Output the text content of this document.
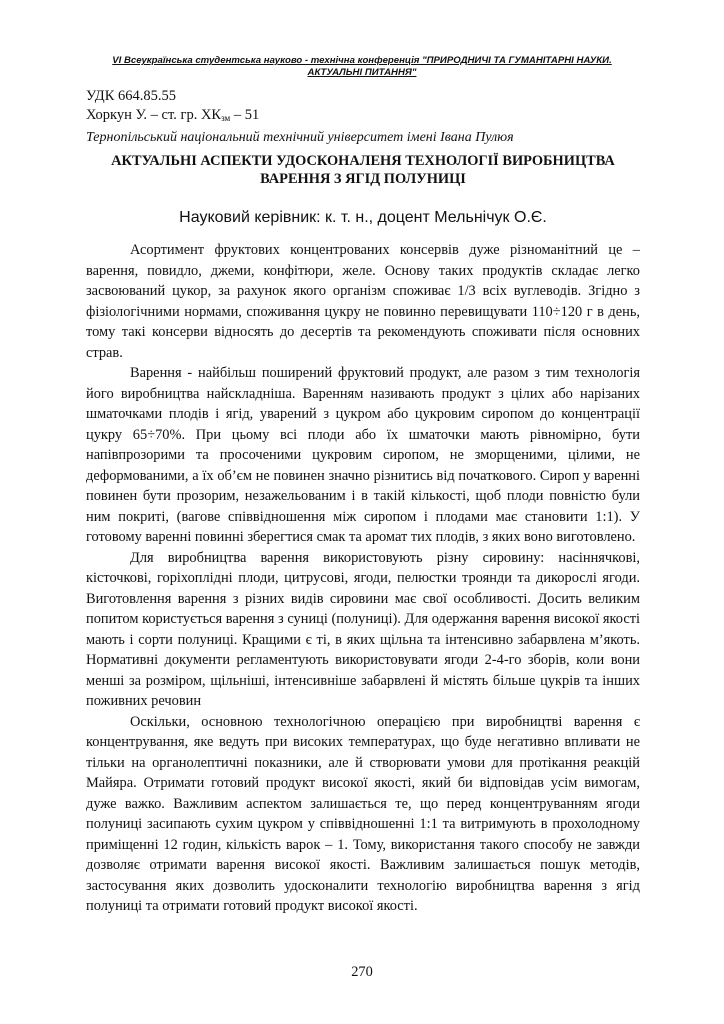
VI Всеукраїнська студентська науково - технічна конференція "ПРИРОДНИЧІ ТА ГУМАНІТАРНІ НАУКИ.
АКТУАЛЬНІ ПИТАННЯ"
УДК 664.85.55
Хоркун У. – ст. гр. $ХК_{зм} - 51$
Тернопільський національний технічний університет імені Івана Пулюя
АКТУАЛЬНІ АСПЕКТИ УДОСКОНАЛЕНЯ ТЕХНОЛОГІЇ ВИРОБНИЦТВА
ВАРЕННЯ З ЯГІД ПОЛУНИЦІ
Науковий керівник: к. т. н., доцент Мельнічук О.Є.

Асортимент фруктових концентрованих консервів дуже різноманітний це – варення, повидло, джеми, конфітюри, желе. Основу таких продуктів складає легко засвоюваний цукор, за рахунок якого організм споживає 1/3 всіх вуглеводів. Згідно з фізіологічними нормами, споживання цукру не повинно перевищувати 110÷120 г в день, тому такі консерви відносять до десертів та рекомендують споживати після основних страв.

Варення - найбільш поширений фруктовий продукт, але разом з тим технологія його виробництва найскладніша. Варенням називають продукт з цілих або нарізаних шматочками плодів і ягід, уварений з цукром або цукровим сиропом до концентрації цукру 65÷70%. При цьому всі плоди або їх шматочки мають рівномірно, бути напівпрозорими та просоченими цукровим сиропом, не зморщеними, цілими, не деформованими, а їх об’єм не повинен значно різнитись від початкового. Сироп у варенні повинен бути прозорим, незажельованим і в такій кількості, щоб плоди повністю були ним покриті, (вагове співвідношення між сиропом і плодами має становити 1:1). У готовому варенні повинні зберегтися смак та аромат тих плодів, з яких воно виготовлено.

Для виробництва варення використовують різну сировину: насіннячкові, кісточкові, горіхоплідні плоди, цитрусові, ягоди, пелюстки троянди та дикорослі ягоди. Виготовлення варення з різних видів сировини має свої особливості. Досить великим попитом користується варення з суниці (полуниці). Для одержання варення високої якості мають і сорти полуниці. Кращими є ті, в яких щільна та інтенсивно забарвлена м’якоть. Нормативні документи регламентують використовувати ягоди 2-4-го зборів, коли вони менші за розміром, щільніші, інтенсивніше забарвлені й містять більше цукрів та інших поживних речовин

Оскільки, основною технологічною операцією при виробництві варення є концентрування, яке ведуть при високих температурах, що буде негативно впливати не тільки на органолептичні показники, але й створювати умови для протікання реакцій Майяра. Отримати готовий продукт високої якості, який би відповідав усім вимогам, дуже важко. Важливим аспектом залишається те, що перед концентруванням ягоди полуниці засипають сухим цукром у співвідношенні 1:1 та витримують в прохолодному приміщенні 12 годин, кількість варок – 1. Тому, використання такого способу не завжди дозволяє отримати варення високої якості. Важливим залишається пошук методів, застосування яких дозволить удосконалити технологію виробництва варення з ягід полуниці та отримати готовий продукт високої якості.

270
